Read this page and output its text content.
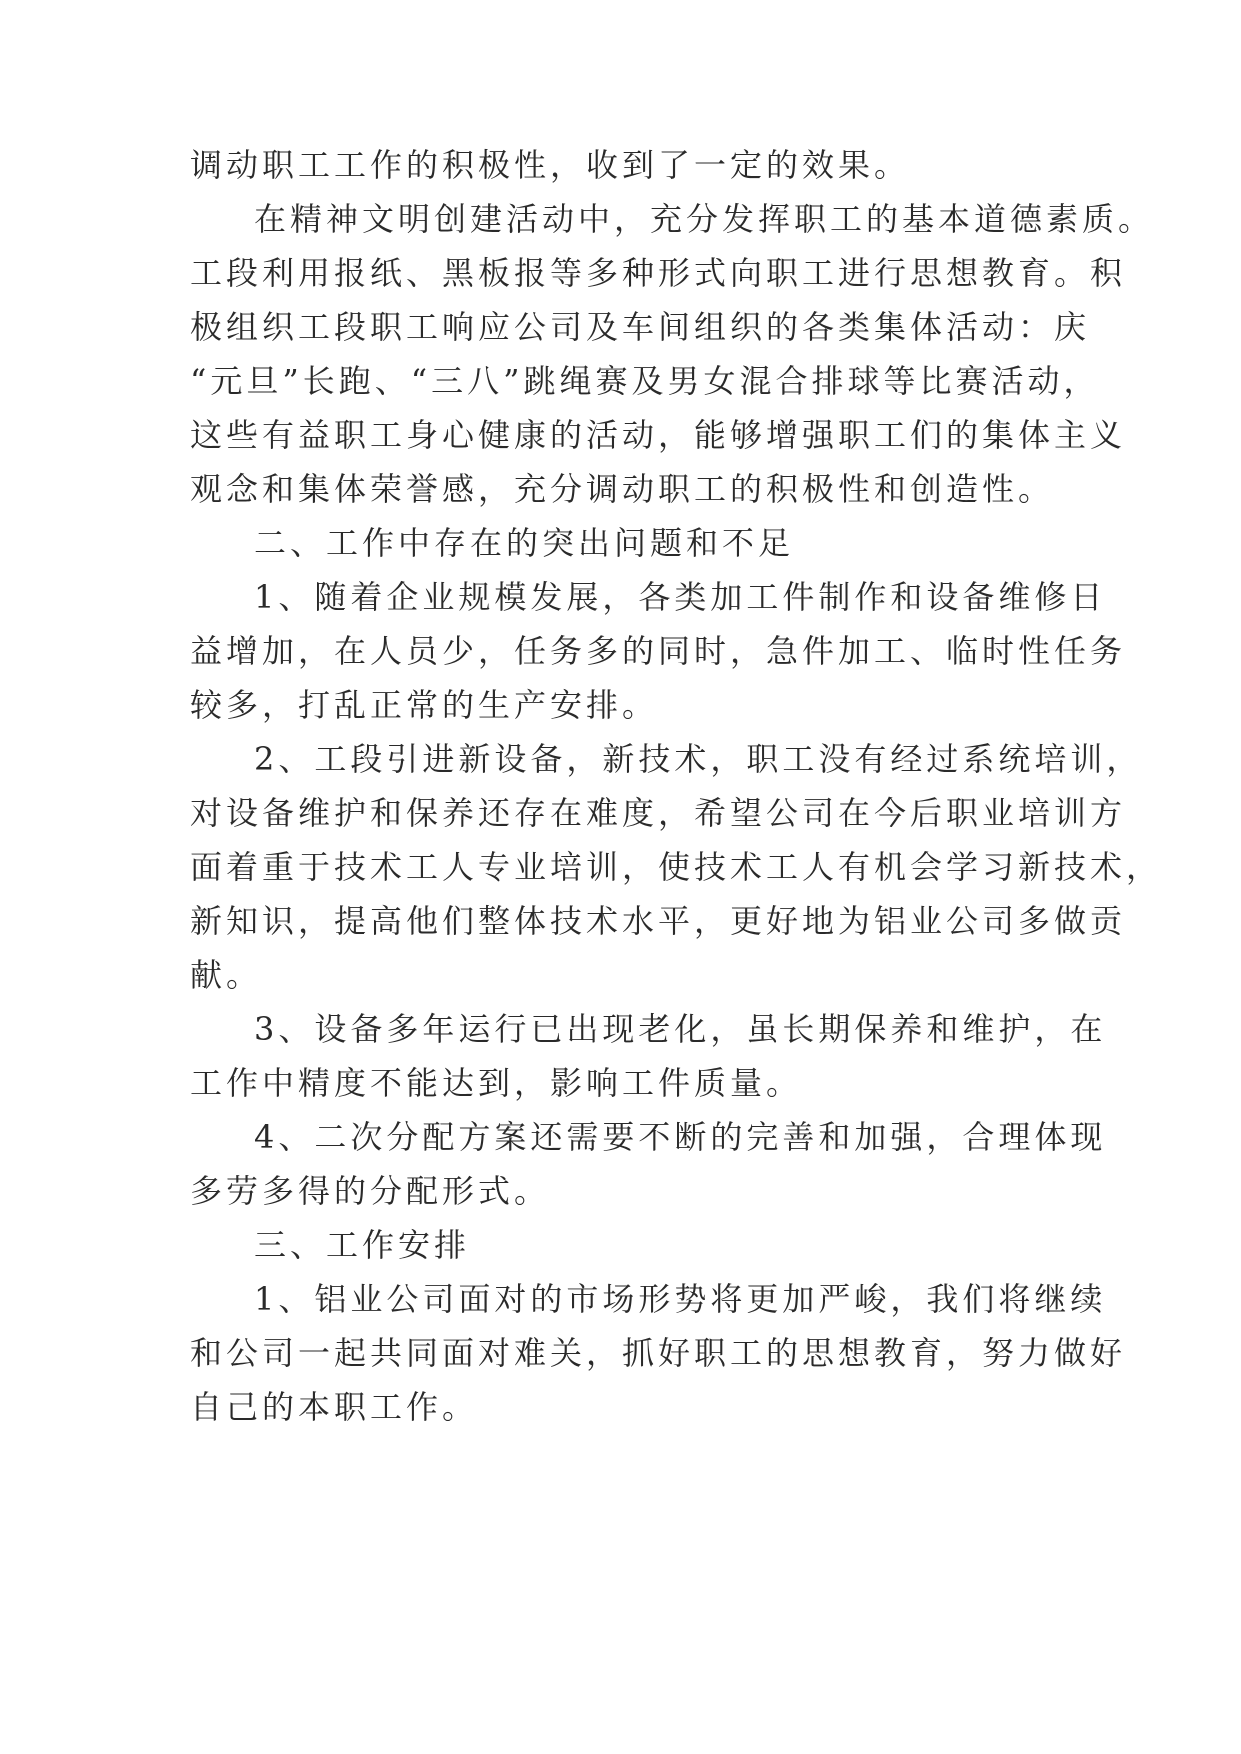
调动职工工作的积极性，收到了一定的效果。

在精神文明创建活动中，充分发挥职工的基本道德素质。

工段利用报纸、黑板报等多种形式向职工进行思想教育。积

极组织工段职工响应公司及车间组织的各类集体活动：庆

“元旦”长跑、“三八”跳绳赛及男女混合排球等比赛活动，

这些有益职工身心健康的活动，能够增强职工们的集体主义

观念和集体荣誉感，充分调动职工的积极性和创造性。

二、工作中存在的突出问题和不足

1、随着企业规模发展，各类加工件制作和设备维修日

益增加，在人员少，任务多的同时，急件加工、临时性任务

较多，打乱正常的生产安排。

2、工段引进新设备，新技术，职工没有经过系统培训，

对设备维护和保养还存在难度，希望公司在今后职业培训方

面着重于技术工人专业培训，使技术工人有机会学习新技术，

新知识，提高他们整体技术水平，更好地为铝业公司多做贡

献。

3、设备多年运行已出现老化，虽长期保养和维护，在

工作中精度不能达到，影响工件质量。

4、二次分配方案还需要不断的完善和加强，合理体现

多劳多得的分配形式。

三、工作安排

1、铝业公司面对的市场形势将更加严峻，我们将继续

和公司一起共同面对难关，抓好职工的思想教育，努力做好

自己的本职工作。
